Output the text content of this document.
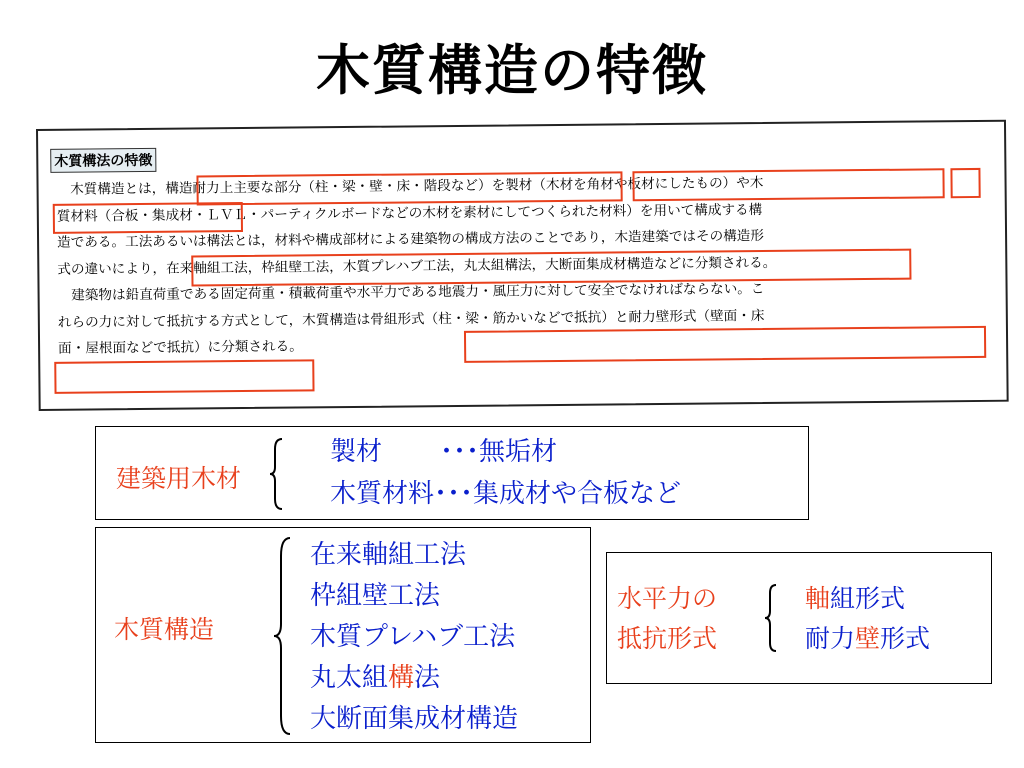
木質構造の特徴
木質構法の特徴
　木質構造とは，構造耐力上主要な部分（柱・梁・壁・床・階段など）を製材（木材を角材や板材にしたもの）や木
質材料（合板・集成材・ＬＶＬ・パーティクルボードなどの木材を素材にしてつくられた材料）を用いて構成する構
造である。工法あるいは構法とは，材料や構成部材による建築物の構成方法のことであり，木造建築ではその構造形
式の違いにより，在来軸組工法，枠組壁工法，木質プレハブ工法，丸太組構法，大断面集成材構造などに分類される。
　建築物は鉛直荷重である固定荷重・積載荷重や水平力である地震力・風圧力に対して安全でなければならない。こ
れらの力に対して抵抗する方式として，木質構造は骨組形式（柱・梁・筋かいなどで抵抗）と耐力壁形式（壁面・床
面・屋根面などで抵抗）に分類される。
建築用木材
製材 ･･･無垢材
木質材料･･･集成材や合板など
木質構造
在来軸組工法
枠組壁工法
木質プレハブ工法
丸太組構法
大断面集成材構造
水平力の
抵抗形式
軸組形式
耐力壁形式
